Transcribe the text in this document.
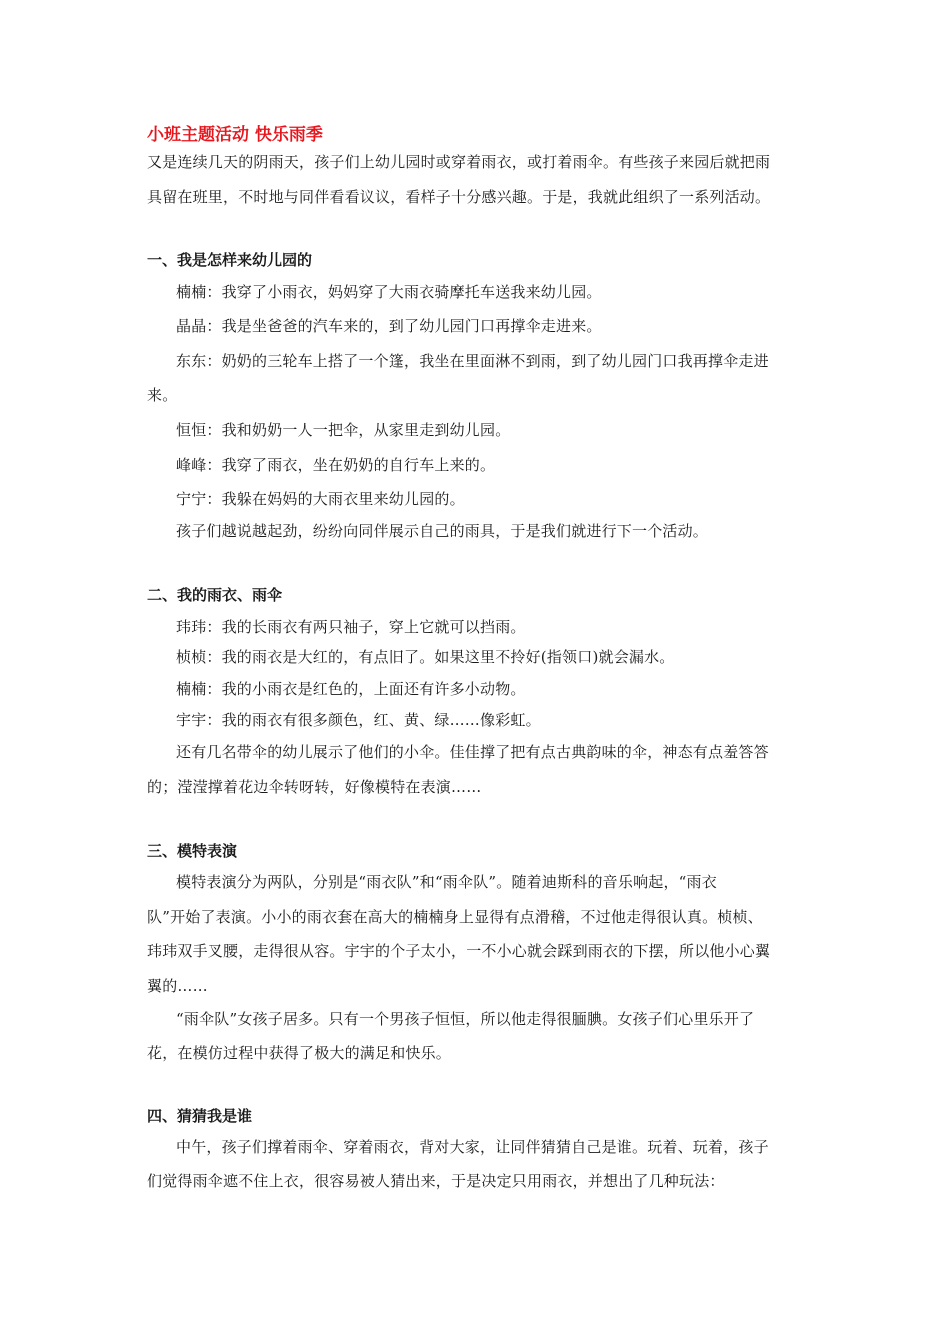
小班主题活动 快乐雨季
又是连续几天的阴雨天，孩子们上幼儿园时或穿着雨衣，或打着雨伞。有些孩子来园后就把雨
具留在班里，不时地与同伴看看议议，看样子十分感兴趣。于是，我就此组织了一系列活动。
一、我是怎样来幼儿园的
楠楠：我穿了小雨衣，妈妈穿了大雨衣骑摩托车送我来幼儿园。
晶晶：我是坐爸爸的汽车来的，到了幼儿园门口再撑伞走进来。
东东：奶奶的三轮车上搭了一个篷，我坐在里面淋不到雨，到了幼儿园门口我再撑伞走进
来。
恒恒：我和奶奶一人一把伞，从家里走到幼儿园。
峰峰：我穿了雨衣，坐在奶奶的自行车上来的。
宁宁：我躲在妈妈的大雨衣里来幼儿园的。
孩子们越说越起劲，纷纷向同伴展示自己的雨具，于是我们就进行下一个活动。
二、我的雨衣、雨伞
玮玮：我的长雨衣有两只袖子，穿上它就可以挡雨。
桢桢：我的雨衣是大红的，有点旧了。如果这里不拎好(指领口)就会漏水。
楠楠：我的小雨衣是红色的，上面还有许多小动物。
宇宇：我的雨衣有很多颜色，红、黄、绿……像彩虹。
还有几名带伞的幼儿展示了他们的小伞。佳佳撑了把有点古典韵味的伞，神态有点羞答答
的；滢滢撑着花边伞转呀转，好像模特在表演……
三、模特表演
模特表演分为两队，分别是“雨衣队”和“雨伞队”。随着迪斯科的音乐响起，“雨衣
队”开始了表演。小小的雨衣套在高大的楠楠身上显得有点滑稽，不过他走得很认真。桢桢、
玮玮双手叉腰，走得很从容。宇宇的个子太小，一不小心就会踩到雨衣的下摆，所以他小心翼
翼的……
“雨伞队”女孩子居多。只有一个男孩子恒恒，所以他走得很腼腆。女孩子们心里乐开了
花，在模仿过程中获得了极大的满足和快乐。
四、猜猜我是谁
中午，孩子们撑着雨伞、穿着雨衣，背对大家，让同伴猜猜自己是谁。玩着、玩着，孩子
们觉得雨伞遮不住上衣，很容易被人猜出来，于是决定只用雨衣，并想出了几种玩法：
